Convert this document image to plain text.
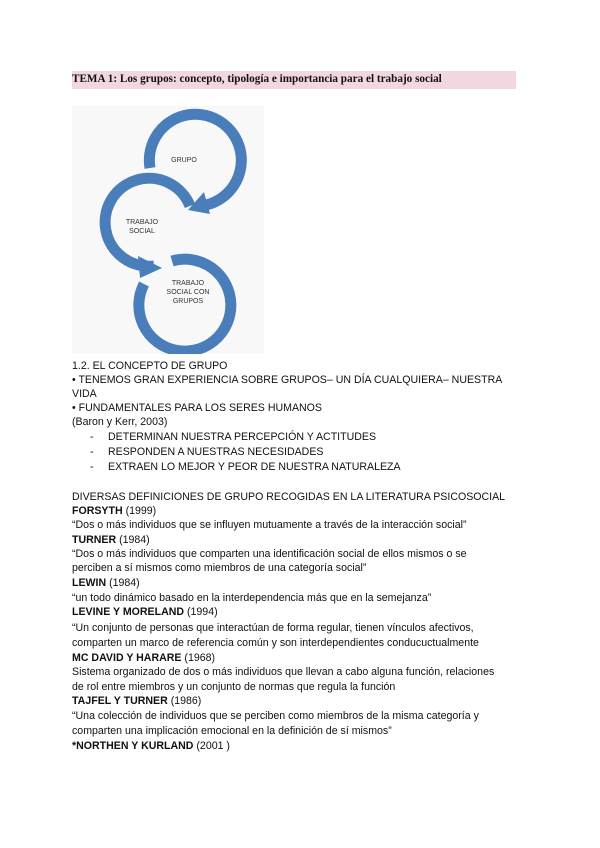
TEMA 1: Los grupos: concepto, tipología e importancia para el trabajo social
GRUPO
TRABAJO
SOCIAL
TRABAJO
SOCIAL CON
GRUPOS
1.2. EL CONCEPTO DE GRUPO
• TENEMOS GRAN EXPERIENCIA SOBRE GRUPOS– UN DÍA CUALQUIERA– NUESTRA
VIDA
• FUNDAMENTALES PARA LOS SERES HUMANOS
(Baron y Kerr, 2003)
- DETERMINAN NUESTRA PERCEPCIÓN Y ACTITUDES
- RESPONDEN A NUESTRAS NECESIDADES
- EXTRAEN LO MEJOR Y PEOR DE NUESTRA NATURALEZA
DIVERSAS DEFINICIONES DE GRUPO RECOGIDAS EN LA LITERATURA PSICOSOCIAL
FORSYTH (1999)
“Dos o más individuos que se influyen mutuamente a través de la interacción social”
TURNER (1984)
“Dos o más individuos que comparten una identificación social de ellos mismos o se
perciben a sí mismos como miembros de una categoría social”
LEWIN (1984)
“un todo dinámico basado en la interdependencia más que en la semejanza”
LEVINE Y MORELAND (1994)
“Un conjunto de personas que interactúan de forma regular, tienen vínculos afectivos,
comparten un marco de referencia común y son interdependientes conducuctualmente
MC DAVID Y HARARE (1968)
Sistema organizado de dos o más individuos que llevan a cabo alguna función, relaciones
de rol entre miembros y un conjunto de normas que regula la función
TAJFEL Y TURNER (1986)
“Una colección de individuos que se perciben como miembros de la misma categoría y
comparten una implicación emocional en la definición de sí mismos”
*NORTHEN Y KURLAND (2001 )
